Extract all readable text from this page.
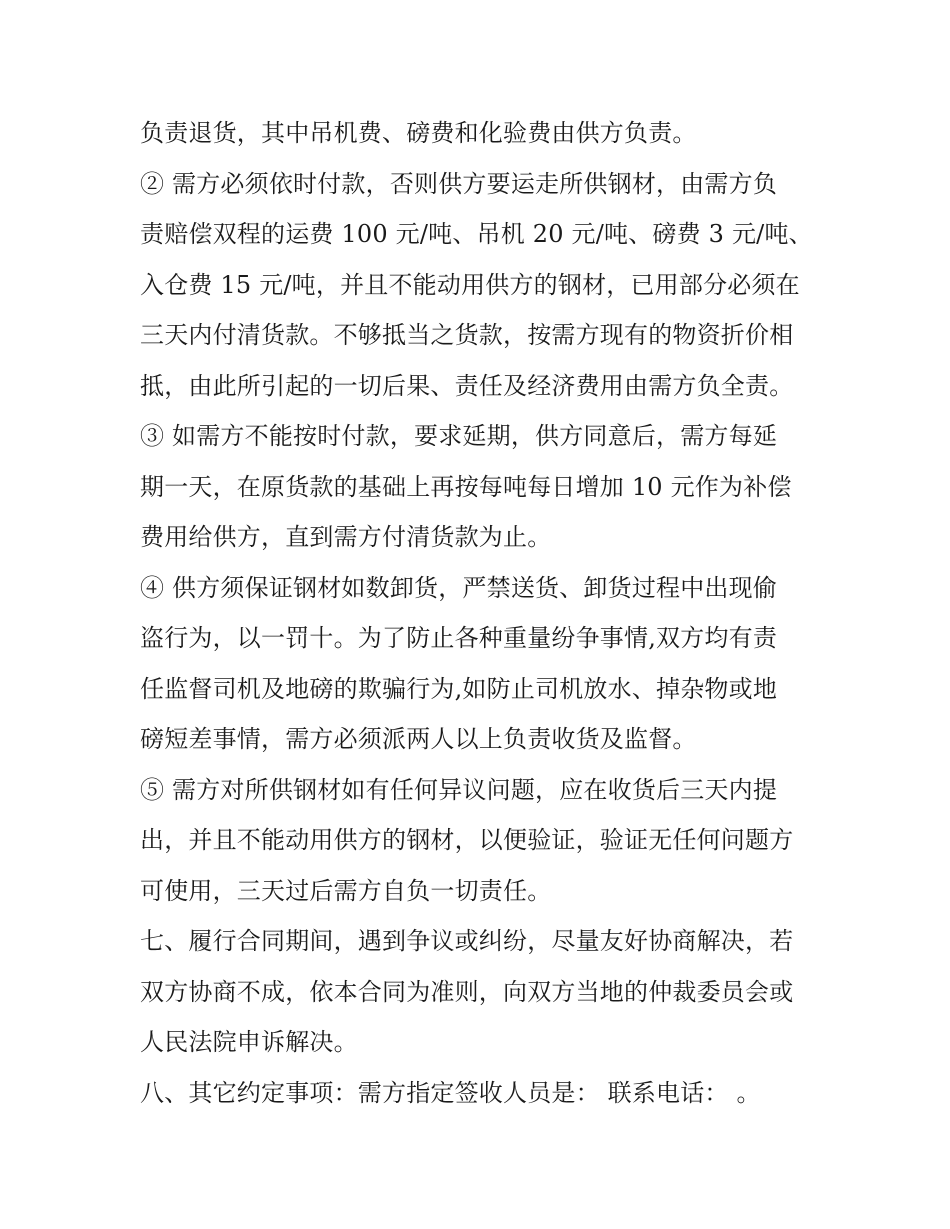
负责退货，其中吊机费、磅费和化验费由供方负责。
② 需方必须依时付款，否则供方要运走所供钢材，由需方负
责赔偿双程的运费 100 元/吨、吊机 20 元/吨、磅费 3 元/吨、
入仓费 15 元/吨，并且不能动用供方的钢材，已用部分必须在
三天内付清货款。不够抵当之货款，按需方现有的物资折价相
抵，由此所引起的一切后果、责任及经济费用由需方负全责。
③ 如需方不能按时付款，要求延期，供方同意后，需方每延
期一天，在原货款的基础上再按每吨每日增加 10 元作为补偿
费用给供方，直到需方付清货款为止。
④ 供方须保证钢材如数卸货，严禁送货、卸货过程中出现偷
盗行为，以一罚十。为了防止各种重量纷争事情,双方均有责
任监督司机及地磅的欺骗行为,如防止司机放水、掉杂物或地
磅短差事情，需方必须派两人以上负责收货及监督。
⑤ 需方对所供钢材如有任何异议问题，应在收货后三天内提
出，并且不能动用供方的钢材，以便验证，验证无任何问题方
可使用，三天过后需方自负一切责任。
七、履行合同期间，遇到争议或纠纷，尽量友好协商解决，若
双方协商不成，依本合同为准则，向双方当地的仲裁委员会或
人民法院申诉解决。
八、其它约定事项：需方指定签收人员是： 联系电话： 。
